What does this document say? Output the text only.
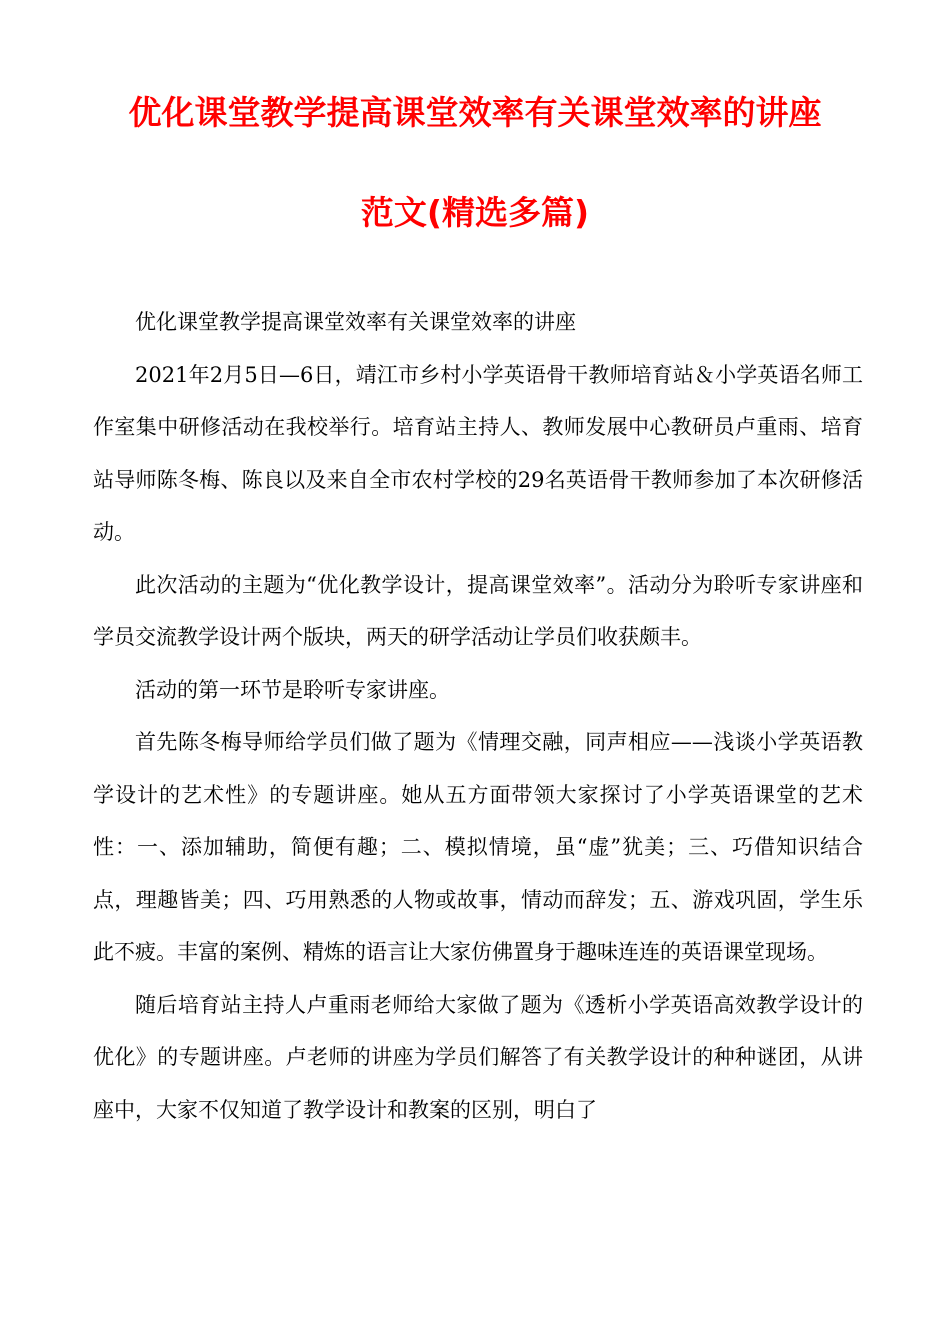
优化课堂教学提高课堂效率有关课堂效率的讲座
范文(精选多篇)

优化课堂教学提高课堂效率有关课堂效率的讲座

2021年2月5日—6日，靖江市乡村小学英语骨干教师培育站＆小学英语名师工作室集中研修活动在我校举行。培育站主持人、教师发展中心教研员卢重雨、培育站导师陈冬梅、陈良以及来自全市农村学校的29名英语骨干教师参加了本次研修活动。

此次活动的主题为“优化教学设计，提高课堂效率”。活动分为聆听专家讲座和学员交流教学设计两个版块，两天的研学活动让学员们收获颇丰。

活动的第一环节是聆听专家讲座。

首先陈冬梅导师给学员们做了题为《情理交融，同声相应——浅谈小学英语教学设计的艺术性》的专题讲座。她从五方面带领大家探讨了小学英语课堂的艺术性：一、添加辅助，简便有趣；二、模拟情境，虽“虚”犹美；三、巧借知识结合点，理趣皆美；四、巧用熟悉的人物或故事，情动而辞发；五、游戏巩固，学生乐此不疲。丰富的案例、精炼的语言让大家仿佛置身于趣味连连的英语课堂现场。

随后培育站主持人卢重雨老师给大家做了题为《透析小学英语高效教学设计的优化》的专题讲座。卢老师的讲座为学员们解答了有关教学设计的种种谜团，从讲座中，大家不仅知道了教学设计和教案的区别，明白了
